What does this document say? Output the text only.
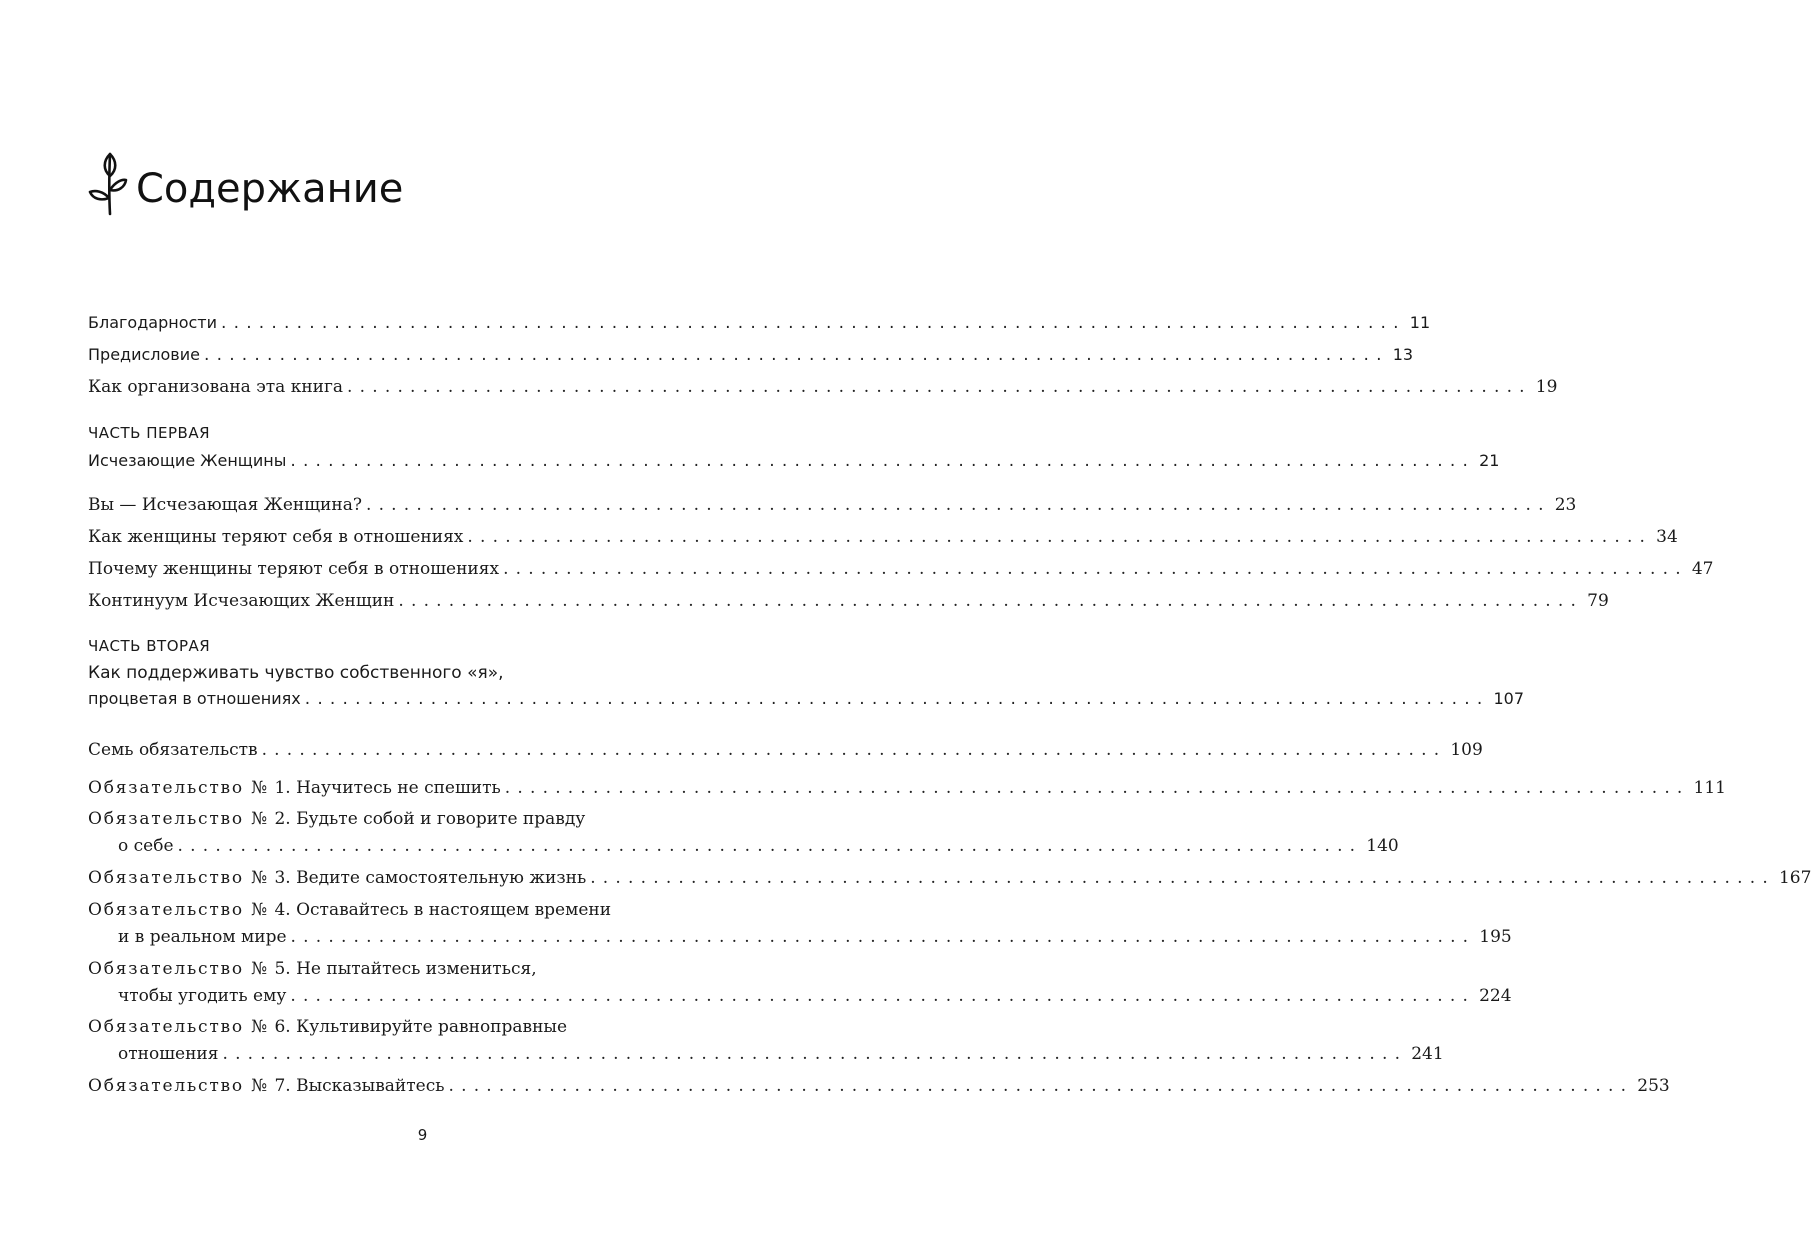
Содержание
Благодарности .............................................................................................. 11
Предисловие .............................................................................................. 13
Как организована эта книга .............................................................................................. 19
ЧАСТЬ ПЕРВАЯ
Исчезающие Женщины .............................................................................................. 21
Вы — Исчезающая Женщина? .............................................................................................. 23
Как женщины теряют себя в отношениях .............................................................................................. 34
Почему женщины теряют себя в отношениях .............................................................................................. 47
Континуум Исчезающих Женщин .............................................................................................. 79
ЧАСТЬ ВТОРАЯ
Как поддерживать чувство собственного «я»,
процветая в отношениях .............................................................................................. 107
Семь обязательств .............................................................................................. 109
Обязательство № 1. Научитесь не спешить .............................................................................................. 111
Обязательство № 2. Будьте собой и говорите правду
о себе .............................................................................................. 140
Обязательство № 3. Ведите самостоятельную жизнь .............................................................................................. 167
Обязательство № 4. Оставайтесь в настоящем времени
и в реальном мире .............................................................................................. 195
Обязательство № 5. Не пытайтесь измениться,
чтобы угодить ему .............................................................................................. 224
Обязательство № 6. Культивируйте равноправные
отношения .............................................................................................. 241
Обязательство № 7. Высказывайтесь .............................................................................................. 253
9
